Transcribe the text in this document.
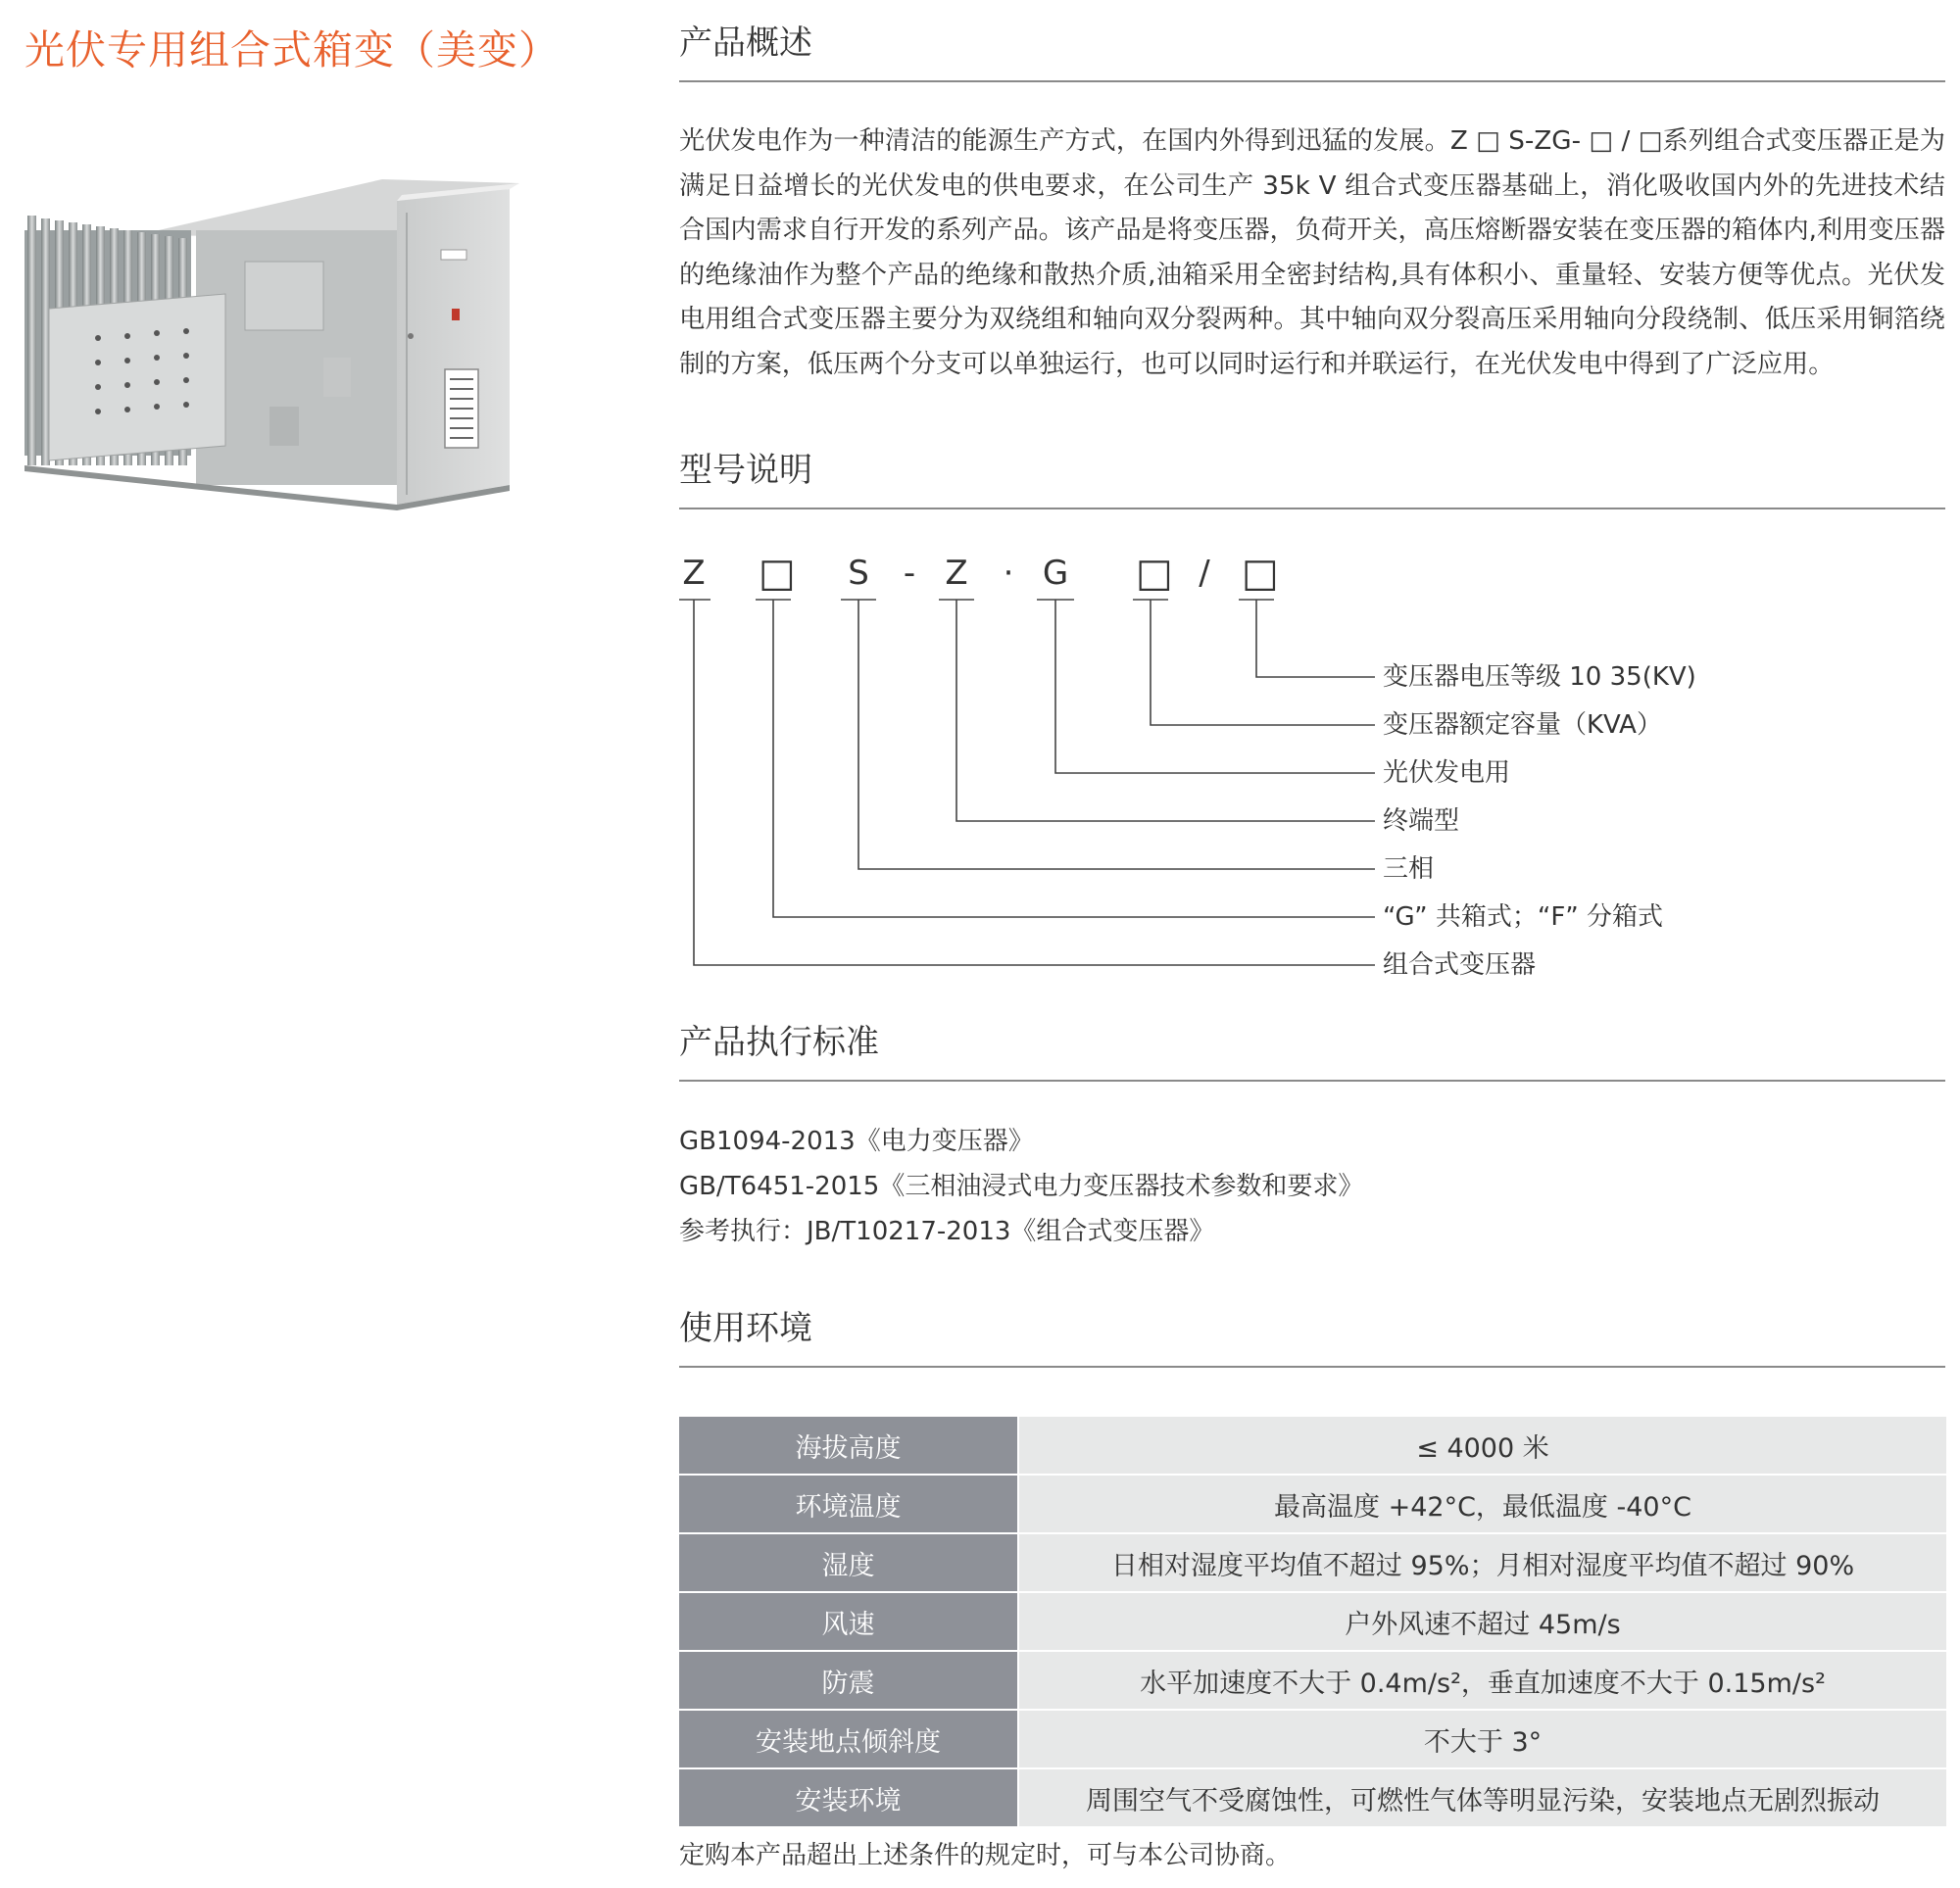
光伏专用组合式箱变（美变）	产品概述

光伏发电作为一种清洁的能源生产方式，在国内外得到迅猛的发展。Z □ S-ZG- □ / □系列组合式变压器正是为满足日益增长的光伏发电的供电要求，在公司生产 35k V 组合式变压器基础上，消化吸收国内外的先进技术结合国内需求自行开发的系列产品。该产品是将变压器，负荷开关，高压熔断器安装在变压器的箱体内,利用变压器的绝缘油作为整个产品的绝缘和散热介质,油箱采用全密封结构,具有体积小、重量轻、安装方便等优点。光伏发电用组合式变压器主要分为双绕组和轴向双分裂两种。其中轴向双分裂高压采用轴向分段绕制、低压采用铜箔绕制的方案，低压两个分支可以单独运行，也可以同时运行和并联运行，在光伏发电中得到了广泛应用。

型号说明
Z □ S - Z · G □ / □
变压器电压等级 10 35(KV)
变压器额定容量（KVA）
光伏发电用
终端型
三相
“G” 共箱式；“F” 分箱式
组合式变压器
产品执行标准
GB1094-2013《电力变压器》
GB/T6451-2015《三相油浸式电力变压器技术参数和要求》
参考执行：JB/T10217-2013《组合式变压器》
使用环境
海拔高度	≤ 4000 米
环境温度	最高温度 +42°C，最低温度 -40°C
湿度	日相对湿度平均值不超过 95%；月相对湿度平均值不超过 90%
风速	户外风速不超过 45m/s
防震	水平加速度不大于 0.4m/s²，垂直加速度不大于 0.15m/s²
安装地点倾斜度	不大于 3°
安装环境	周围空气不受腐蚀性，可燃性气体等明显污染，安装地点无剧烈振动

定购本产品超出上述条件的规定时，可与本公司协商。
